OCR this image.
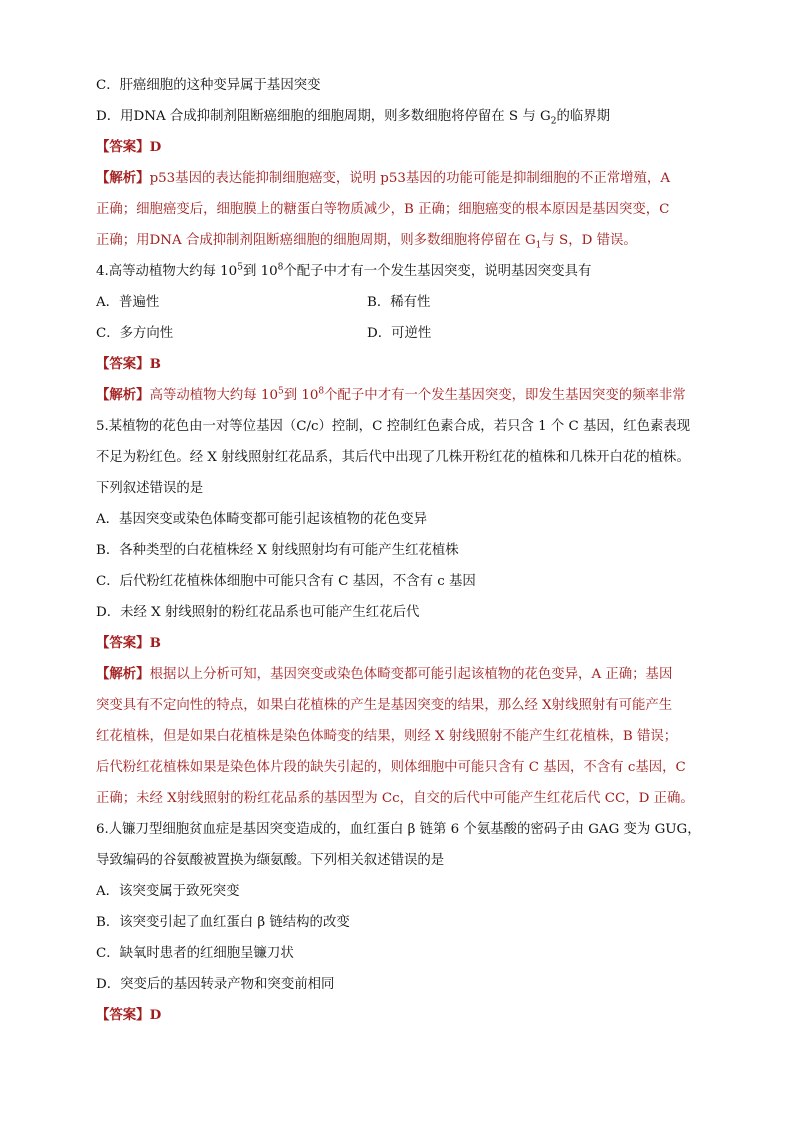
C．肝癌细胞的这种变异属于基因突变
D．用DNA 合成抑制剂阻断癌细胞的细胞周期，则多数细胞将停留在 S 与 $G_2$的临界期
【答案】D
【解析】p53基因的表达能抑制细胞癌变，说明 p53基因的功能可能是抑制细胞的不正常增殖，A
正确；细胞癌变后，细胞膜上的糖蛋白等物质减少，B 正确；细胞癌变的根本原因是基因突变，C
正确；用DNA 合成抑制剂阻断癌细胞的细胞周期，则多数细胞将停留在 $G_1$与 S，D 错误。
4.高等动植物大约每 $10^5$到 $10^8$个配子中才有一个发生基因突变，说明基因突变具有
A．普遍性	B．稀有性
C．多方向性	D．可逆性
【答案】B
【解析】高等动植物大约每 $10^5$到 $10^8$个配子中才有一个发生基因突变，即发生基因突变的频率非常
5.某植物的花色由一对等位基因（C/c）控制，C 控制红色素合成，若只含 1 个 C 基因，红色素表现
不足为粉红色。经 X 射线照射红花品系，其后代中出现了几株开粉红花的植株和几株开白花的植株。
下列叙述错误的是
A．基因突变或染色体畸变都可能引起该植物的花色变异
B．各种类型的白花植株经 X 射线照射均有可能产生红花植株
C．后代粉红花植株体细胞中可能只含有 C 基因，不含有 c 基因
D．未经 X 射线照射的粉红花品系也可能产生红花后代
【答案】B
【解析】根据以上分析可知，基因突变或染色体畸变都可能引起该植物的花色变异，A 正确；基因
突变具有不定向性的特点，如果白花植株的产生是基因突变的结果，那么经 X射线照射有可能产生
红花植株，但是如果白花植株是染色体畸变的结果，则经 X 射线照射不能产生红花植株，B 错误；
后代粉红花植株如果是染色体片段的缺失引起的，则体细胞中可能只含有 C 基因，不含有 c基因，C
正确；未经 X射线照射的粉红花品系的基因型为 Cc，自交的后代中可能产生红花后代 CC，D 正确。
6.人镰刀型细胞贫血症是基因突变造成的，血红蛋白 β 链第 6 个氨基酸的密码子由 GAG 变为 GUG，
导致编码的谷氨酸被置换为缬氨酸。下列相关叙述错误的是
A．该突变属于致死突变
B．该突变引起了血红蛋白 β 链结构的改变
C．缺氧时患者的红细胞呈镰刀状
D．突变后的基因转录产物和突变前相同
【答案】D
